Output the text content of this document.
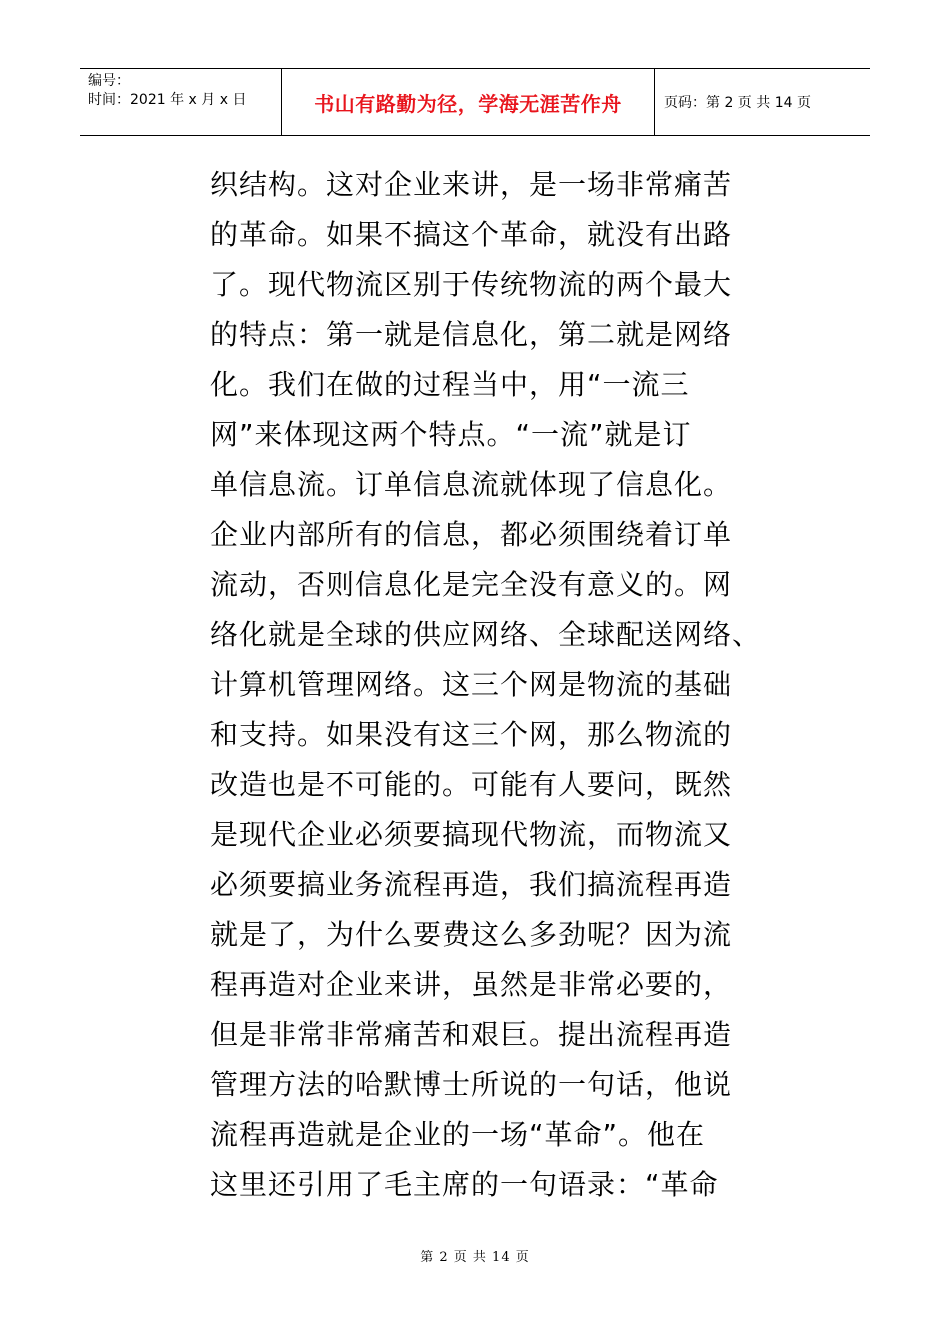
编号：
时间：2021 年 x 月 x 日	书山有路勤为径，学海无涯苦作舟	页码：第 2 页 共 14 页
织结构。这对企业来讲，是一场非常痛苦
的革命。如果不搞这个革命，就没有出路
了。现代物流区别于传统物流的两个最大
的特点：第一就是信息化，第二就是网络
化。我们在做的过程当中，用“一流三
网”来体现这两个特点。“一流”就是订
单信息流。订单信息流就体现了信息化。
企业内部所有的信息，都必须围绕着订单
流动，否则信息化是完全没有意义的。网
络化就是全球的供应网络、全球配送网络、
计算机管理网络。这三个网是物流的基础
和支持。如果没有这三个网，那么物流的
改造也是不可能的。可能有人要问，既然
是现代企业必须要搞现代物流，而物流又
必须要搞业务流程再造，我们搞流程再造
就是了，为什么要费这么多劲呢？因为流
程再造对企业来讲，虽然是非常必要的，
但是非常非常痛苦和艰巨。提出流程再造
管理方法的哈默博士所说的一句话，他说
流程再造就是企业的一场“革命”。他在
这里还引用了毛主席的一句语录：“革命
第 2 页 共 14 页
